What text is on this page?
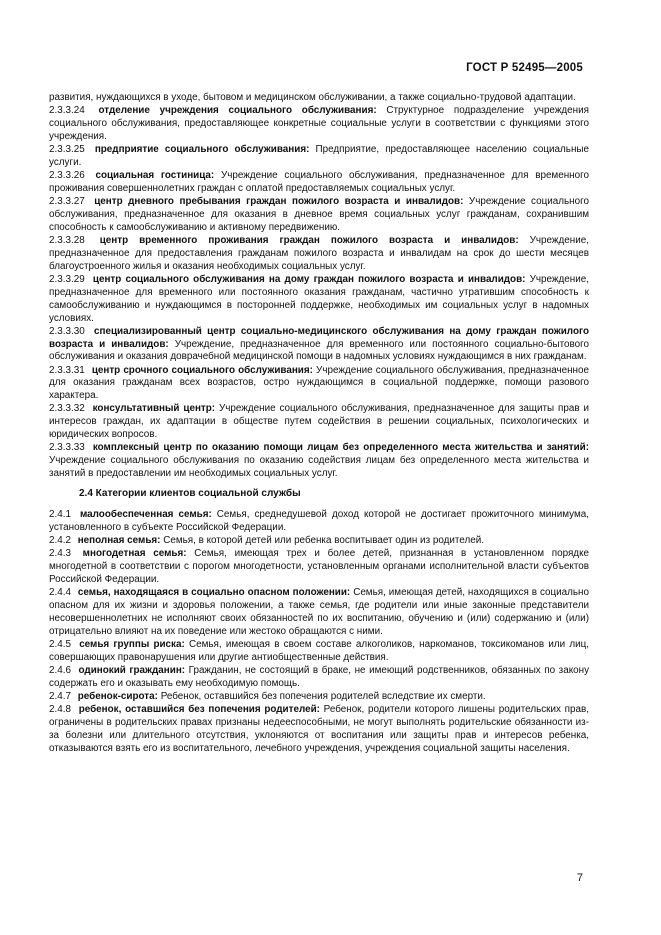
ГОСТ Р 52495—2005

развития, нуждающихся в уходе, бытовом и медицинском обслуживании, а также социально-трудовой адаптации.

2.3.3.24 отделение учреждения социального обслуживания: Структурное подразделение учреждения социального обслуживания, предоставляющее конкретные социальные услуги в соответствии с функциями этого учреждения.

2.3.3.25 предприятие социального обслуживания: Предприятие, предоставляющее населению социальные услуги.

2.3.3.26 социальная гостиница: Учреждение социального обслуживания, предназначенное для временного проживания совершеннолетних граждан с оплатой предоставляемых социальных услуг.

2.3.3.27 центр дневного пребывания граждан пожилого возраста и инвалидов: Учреждение социального обслуживания, предназначенное для оказания в дневное время социальных услуг гражданам, сохранившим способность к самообслуживанию и активному передвижению.

2.3.3.28 центр временного проживания граждан пожилого возраста и инвалидов: Учреждение, предназначенное для предоставления гражданам пожилого возраста и инвалидам на срок до шести месяцев благоустроенного жилья и оказания необходимых социальных услуг.

2.3.3.29 центр социального обслуживания на дому граждан пожилого возраста и инвалидов: Учреждение, предназначенное для временного или постоянного оказания гражданам, частично утратившим способность к самообслуживанию и нуждающимся в посторонней поддержке, необходимых им социальных услуг в надомных условиях.

2.3.3.30 специализированный центр социально-медицинского обслуживания на дому граждан пожилого возраста и инвалидов: Учреждение, предназначенное для временного или постоянного социально-бытового обслуживания и оказания доврачебной медицинской помощи в надомных условиях нуждающимся в них гражданам.

2.3.3.31 центр срочного социального обслуживания: Учреждение социального обслуживания, предназначенное для оказания гражданам всех возрастов, остро нуждающимся в социальной поддержке, помощи разового характера.

2.3.3.32 консультативный центр: Учреждение социального обслуживания, предназначенное для защиты прав и интересов граждан, их адаптации в обществе путем содействия в решении социальных, психологических и юридических вопросов.

2.3.3.33 комплексный центр по оказанию помощи лицам без определенного места жительства и занятий: Учреждение социального обслуживания по оказанию содействия лицам без определенного места жительства и занятий в предоставлении им необходимых социальных услуг.

2.4 Категории клиентов социальной службы

2.4.1 малообеспеченная семья: Семья, среднедушевой доход которой не достигает прожиточного минимума, установленного в субъекте Российской Федерации.

2.4.2 неполная семья: Семья, в которой детей или ребенка воспитывает один из родителей.

2.4.3 многодетная семья: Семья, имеющая трех и более детей, признанная в установленном порядке многодетной в соответствии с порогом многодетности, установленным органами исполнительной власти субъектов Российской Федерации.

2.4.4 семья, находящаяся в социально опасном положении: Семья, имеющая детей, находящихся в социально опасном для их жизни и здоровья положении, а также семья, где родители или иные законные представители несовершеннолетних не исполняют своих обязанностей по их воспитанию, обучению и (или) содержанию и (или) отрицательно влияют на их поведение или жестоко обращаются с ними.

2.4.5 семья группы риска: Семья, имеющая в своем составе алкоголиков, наркоманов, токсикоманов или лиц, совершающих правонарушения или другие антиобщественные действия.

2.4.6 одинокий гражданин: Гражданин, не состоящий в браке, не имеющий родственников, обязанных по закону содержать его и оказывать ему необходимую помощь.

2.4.7 ребенок-сирота: Ребенок, оставшийся без попечения родителей вследствие их смерти.

2.4.8 ребенок, оставшийся без попечения родителей: Ребенок, родители которого лишены родительских прав, ограничены в родительских правах признаны недееспособными, не могут выполнять родительские обязанности из-за болезни или длительного отсутствия, уклоняются от воспитания или защиты прав и интересов ребенка, отказываются взять его из воспитательного, лечебного учреждения, учреждения социальной защиты населения.

7
